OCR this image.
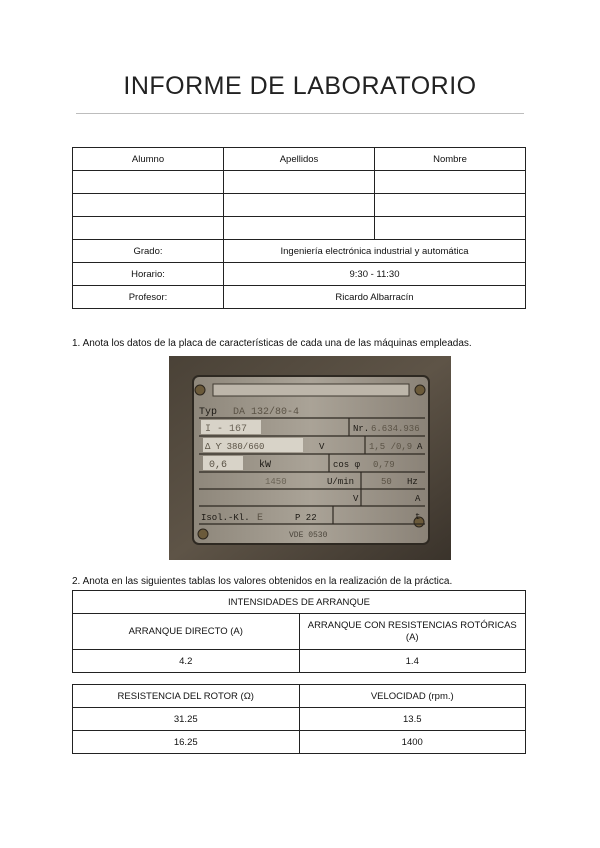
INFORME DE LABORATORIO
Alumno	Apellidos	Nombre

Grado:	Ingeniería electrónica industrial y automática	
Horario:	9:30 - 11:30	
Profesor:	Ricardo Albarracín	
1. Anota los datos de la placa de características de cada una de las máquinas empleadas.
Typ DA 132/80-4
I - 167	Nr. 6.634.936
Δ ϒ 380/660	V	1,5 /0,9 A
0,6	kW	cos φ 0,79
1450	U/min	50 Hz
V	A
Isol.-Kl. E	P 22	t
VDE 0530
2. Anota en las siguientes tablas los valores obtenidos en la realización de la práctica.
INTENSIDADES DE ARRANQUE	
ARRANQUE DIRECTO (A)	ARRANQUE CON RESISTENCIAS ROTÓRICAS (A)
4.2	1.4
RESISTENCIA DEL ROTOR (Ω)	VELOCIDAD (rpm.)
31.25	13.5
16.25	1400
